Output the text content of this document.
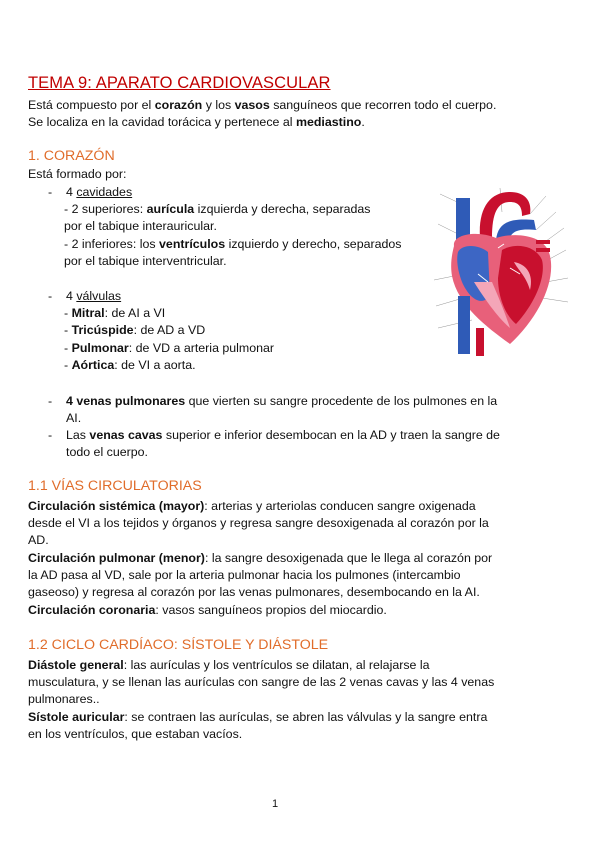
TEMA 9: APARATO CARDIOVASCULAR
Está compuesto por el corazón y los vasos sanguíneos que recorren todo el cuerpo.
Se localiza en la cavidad torácica y pertenece al mediastino.
1. CORAZÓN
Está formado por:
- 4 cavidades
- 2 superiores: aurícula izquierda y derecha, separadas
por el tabique interauricular.
- 2 inferiores: los ventrículos izquierdo y derecho, separados
por el tabique interventricular.
- 4 válvulas
- Mitral: de AI a VI
- Tricúspide: de AD a VD
- Pulmonar: de VD a arteria pulmonar
- Aórtica: de VI a aorta.
- 4 venas pulmonares que vierten su sangre procedente de los pulmones en la
AI.
- Las venas cavas superior e inferior desembocan en la AD y traen la sangre de
todo el cuerpo.
1.1 VÍAS CIRCULATORIAS
Circulación sistémica (mayor): arterias y arteriolas conducen sangre oxigenada
desde el VI a los tejidos y órganos y regresa sangre desoxigenada al corazón por la
AD.
Circulación pulmonar (menor): la sangre desoxigenada que le llega al corazón por
la AD pasa al VD, sale por la arteria pulmonar hacia los pulmones (intercambio
gaseoso) y regresa al corazón por las venas pulmonares, desembocando en la AI.
Circulación coronaria: vasos sanguíneos propios del miocardio.
1.2 CICLO CARDÍACO: SÍSTOLE Y DIÁSTOLE
Diástole general: las aurículas y los ventrículos se dilatan, al relajarse la
musculatura, y se llenan las aurículas con sangre de las 2 venas cavas y las 4 venas
pulmonares..
Sístole auricular: se contraen las aurículas, se abren las válvulas y la sangre entra
en los ventrículos, que estaban vacíos.
1
